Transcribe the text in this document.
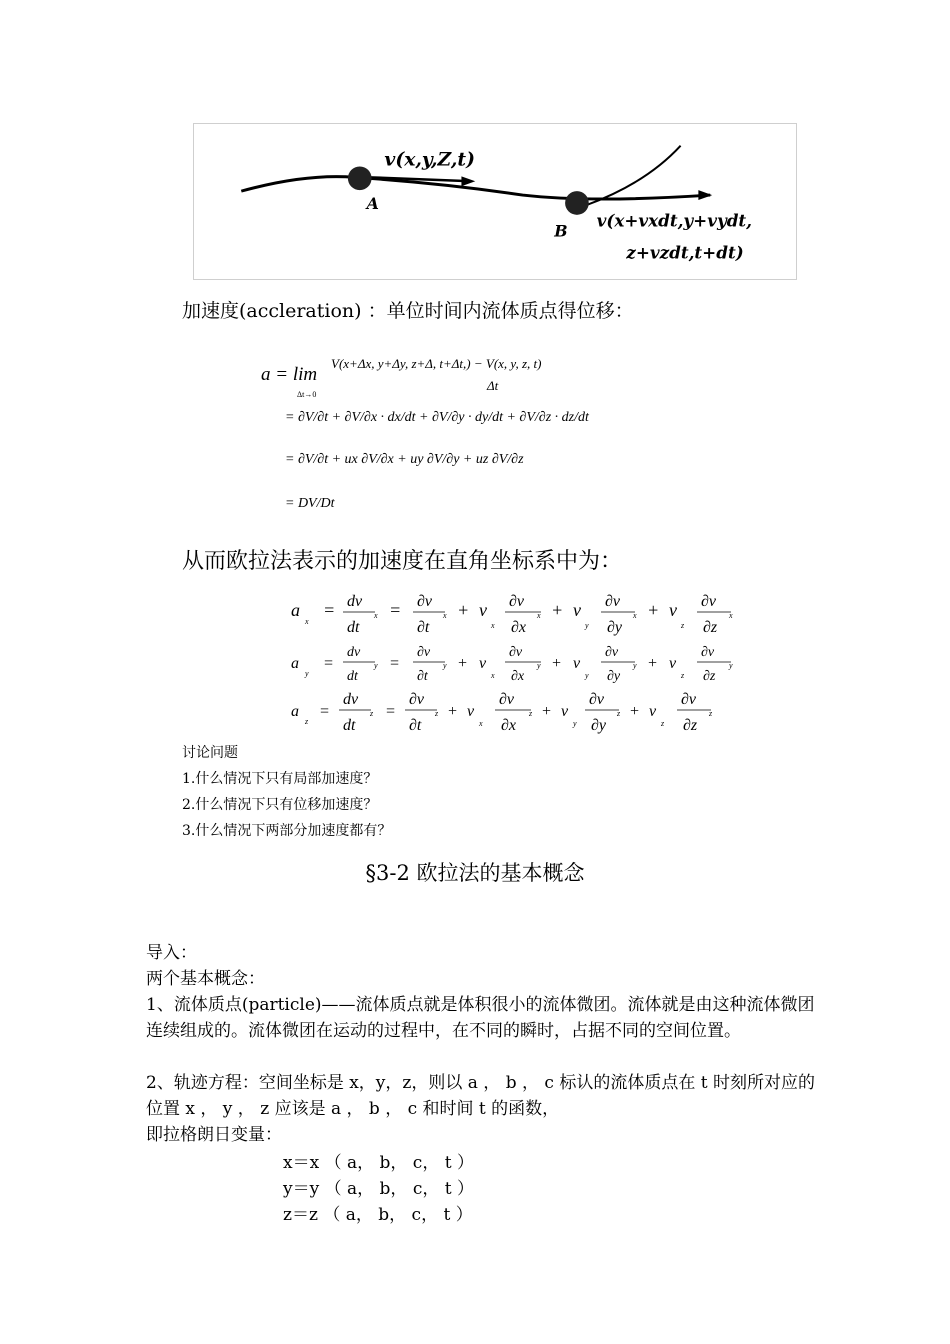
v(x,y,Z,t)
A
B
v(x+vxdt,y+vydt,
z+vzdt,t+dt)
加速度(accleration) ：单位时间内流体质点得位移：
a = lim
Δt→0
V(x+Δx, y+Δy, z+Δ, t+Δt,) − V(x, y, z, t)
Δt
= ∂V/∂t + ∂V/∂x · dx/dt + ∂V/∂y · dy/dt + ∂V/∂z · dz/dt
= ∂V/∂t + ux ∂V/∂x + uy ∂V/∂y + uz ∂V/∂z
= DV/Dt
从而欧拉法表示的加速度在直角坐标系中为：
a
x
= dv
dt
x = ∂v
∂t
x + v
x
∂v
∂x
x + v
y
∂v
∂y
x + v
z
∂v
∂z
x
a
y
=
dv
dt
y =
∂v
∂t
y + v
x
∂v
∂x
y + v
y
∂v
∂y
y + v
z
∂v
∂z
y
a
z
=
dv
dt
z =
∂v
∂t
z + v
x
∂v
∂x
z + v
y
∂v
∂y
z + v
z
∂v
∂z
z
讨论问题
1.什么情况下只有局部加速度？
2.什么情况下只有位移加速度？
3.什么情况下两部分加速度都有？
§3-2 欧拉法的基本概念
导入：
两个基本概念：
1、流体质点(particle)——流体质点就是体积很小的流体微团。流体就是由这种流体微团连续组成的。流体微团在运动的过程中，在不同的瞬时，占据不同的空间位置。
2、轨迹方程：空间坐标是 x，y，z，则以 a ， b ， c 标认的流体质点在 t 时刻所对应的位置 x ， y ， z 应该是 a ， b ， c 和时间 t 的函数，
即拉格朗日变量：
x＝x （ a， b， c， t ）
y＝y （ a， b， c， t ）
z＝z （ a， b， c， t ）
